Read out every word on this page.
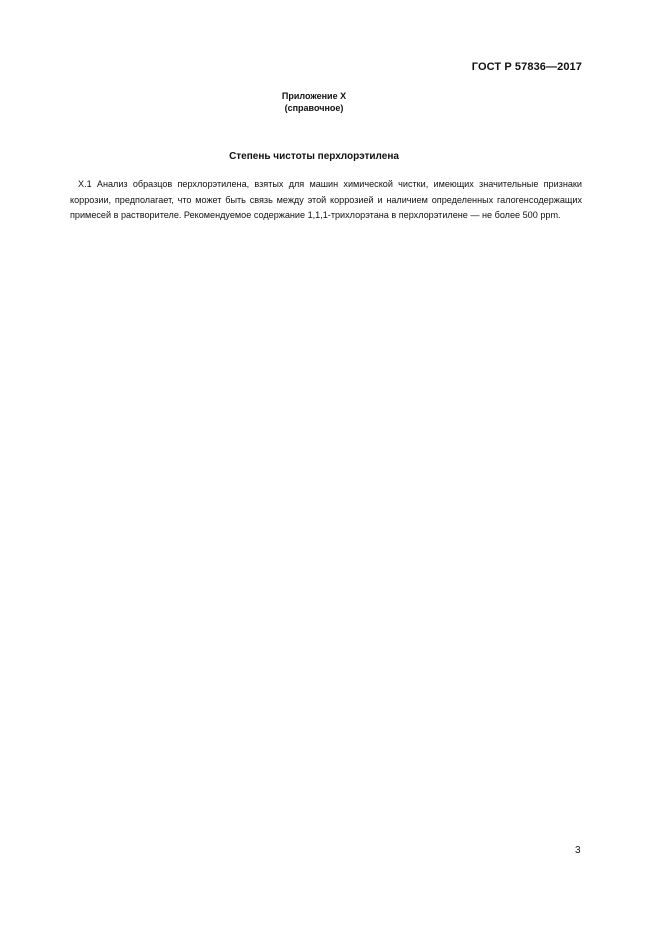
ГОСТ Р 57836—2017
Приложение Х
(справочное)
Степень чистоты перхлорэтилена

Х.1 Анализ образцов перхлорэтилена, взятых для машин химической чистки, имеющих значительные признаки коррозии, предполагает, что может быть связь между этой коррозией и наличием определенных галогенсодержащих примесей в растворителе. Рекомендуемое содержание 1,1,1-трихлорэтана в перхлорэтилене — не более 500 ppm.

3
